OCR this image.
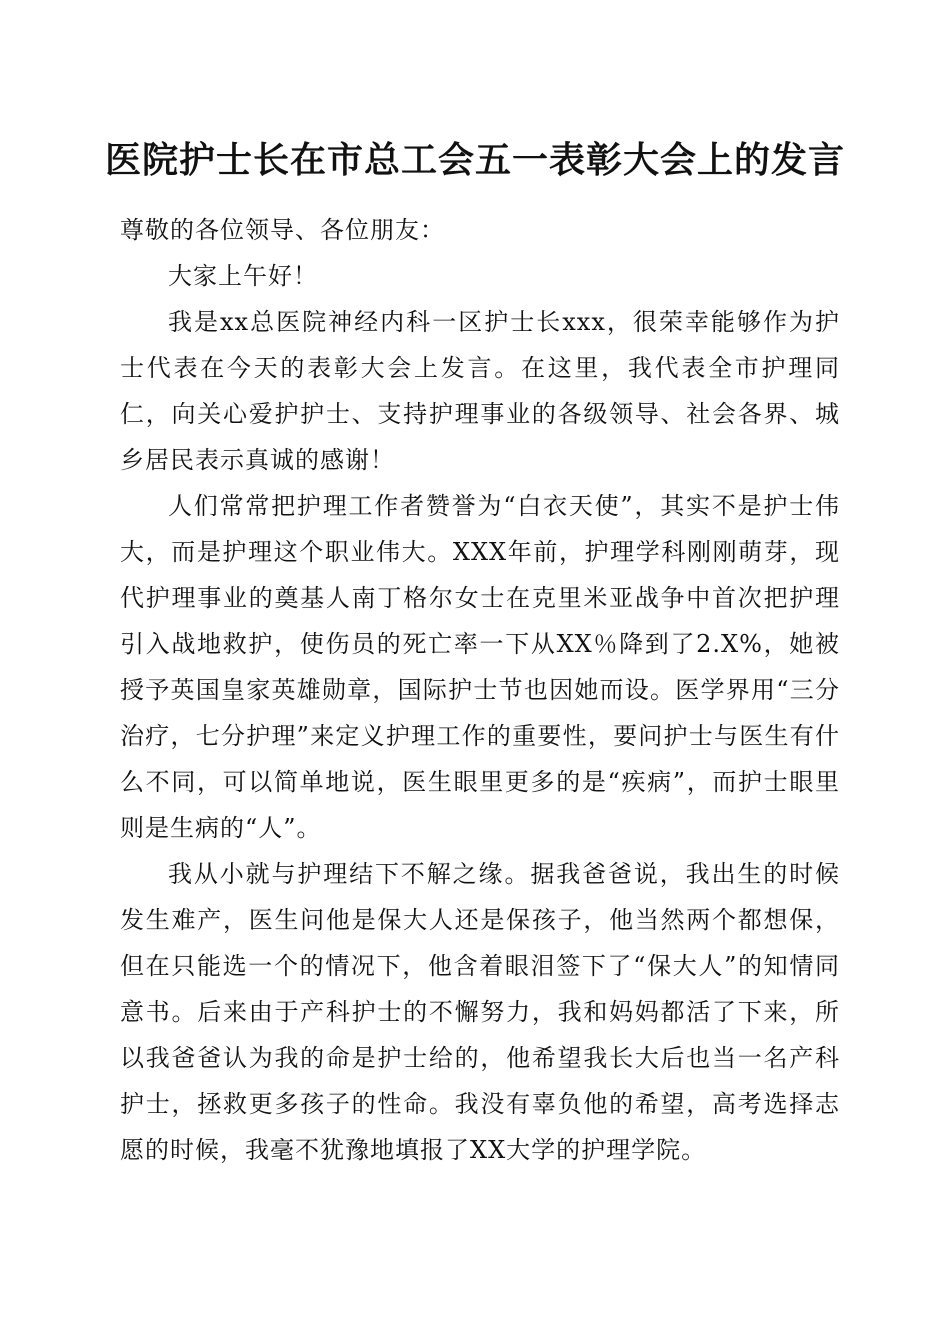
医院护士长在市总工会五一表彰大会上的发言

尊敬的各位领导、各位朋友：

大家上午好！

我是xx总医院神经内科一区护士长xxx，很荣幸能够作为护士代表在今天的表彰大会上发言。在这里，我代表全市护理同仁，向关心爱护护士、支持护理事业的各级领导、社会各界、城乡居民表示真诚的感谢！

人们常常把护理工作者赞誉为“白衣天使”，其实不是护士伟大，而是护理这个职业伟大。XXX年前，护理学科刚刚萌芽，现代护理事业的奠基人南丁格尔女士在克里米亚战争中首次把护理引入战地救护，使伤员的死亡率一下从XX％降到了2.X%，她被授予英国皇家英雄勋章，国际护士节也因她而设。医学界用“三分治疗，七分护理”来定义护理工作的重要性，要问护士与医生有什么不同，可以简单地说，医生眼里更多的是“疾病”，而护士眼里则是生病的“人”。

我从小就与护理结下不解之缘。据我爸爸说，我出生的时候发生难产，医生问他是保大人还是保孩子，他当然两个都想保，但在只能选一个的情况下，他含着眼泪签下了“保大人”的知情同意书。后来由于产科护士的不懈努力，我和妈妈都活了下来，所以我爸爸认为我的命是护士给的，他希望我长大后也当一名产科护士，拯救更多孩子的性命。我没有辜负他的希望，高考选择志愿的时候，我毫不犹豫地填报了XX大学的护理学院。
